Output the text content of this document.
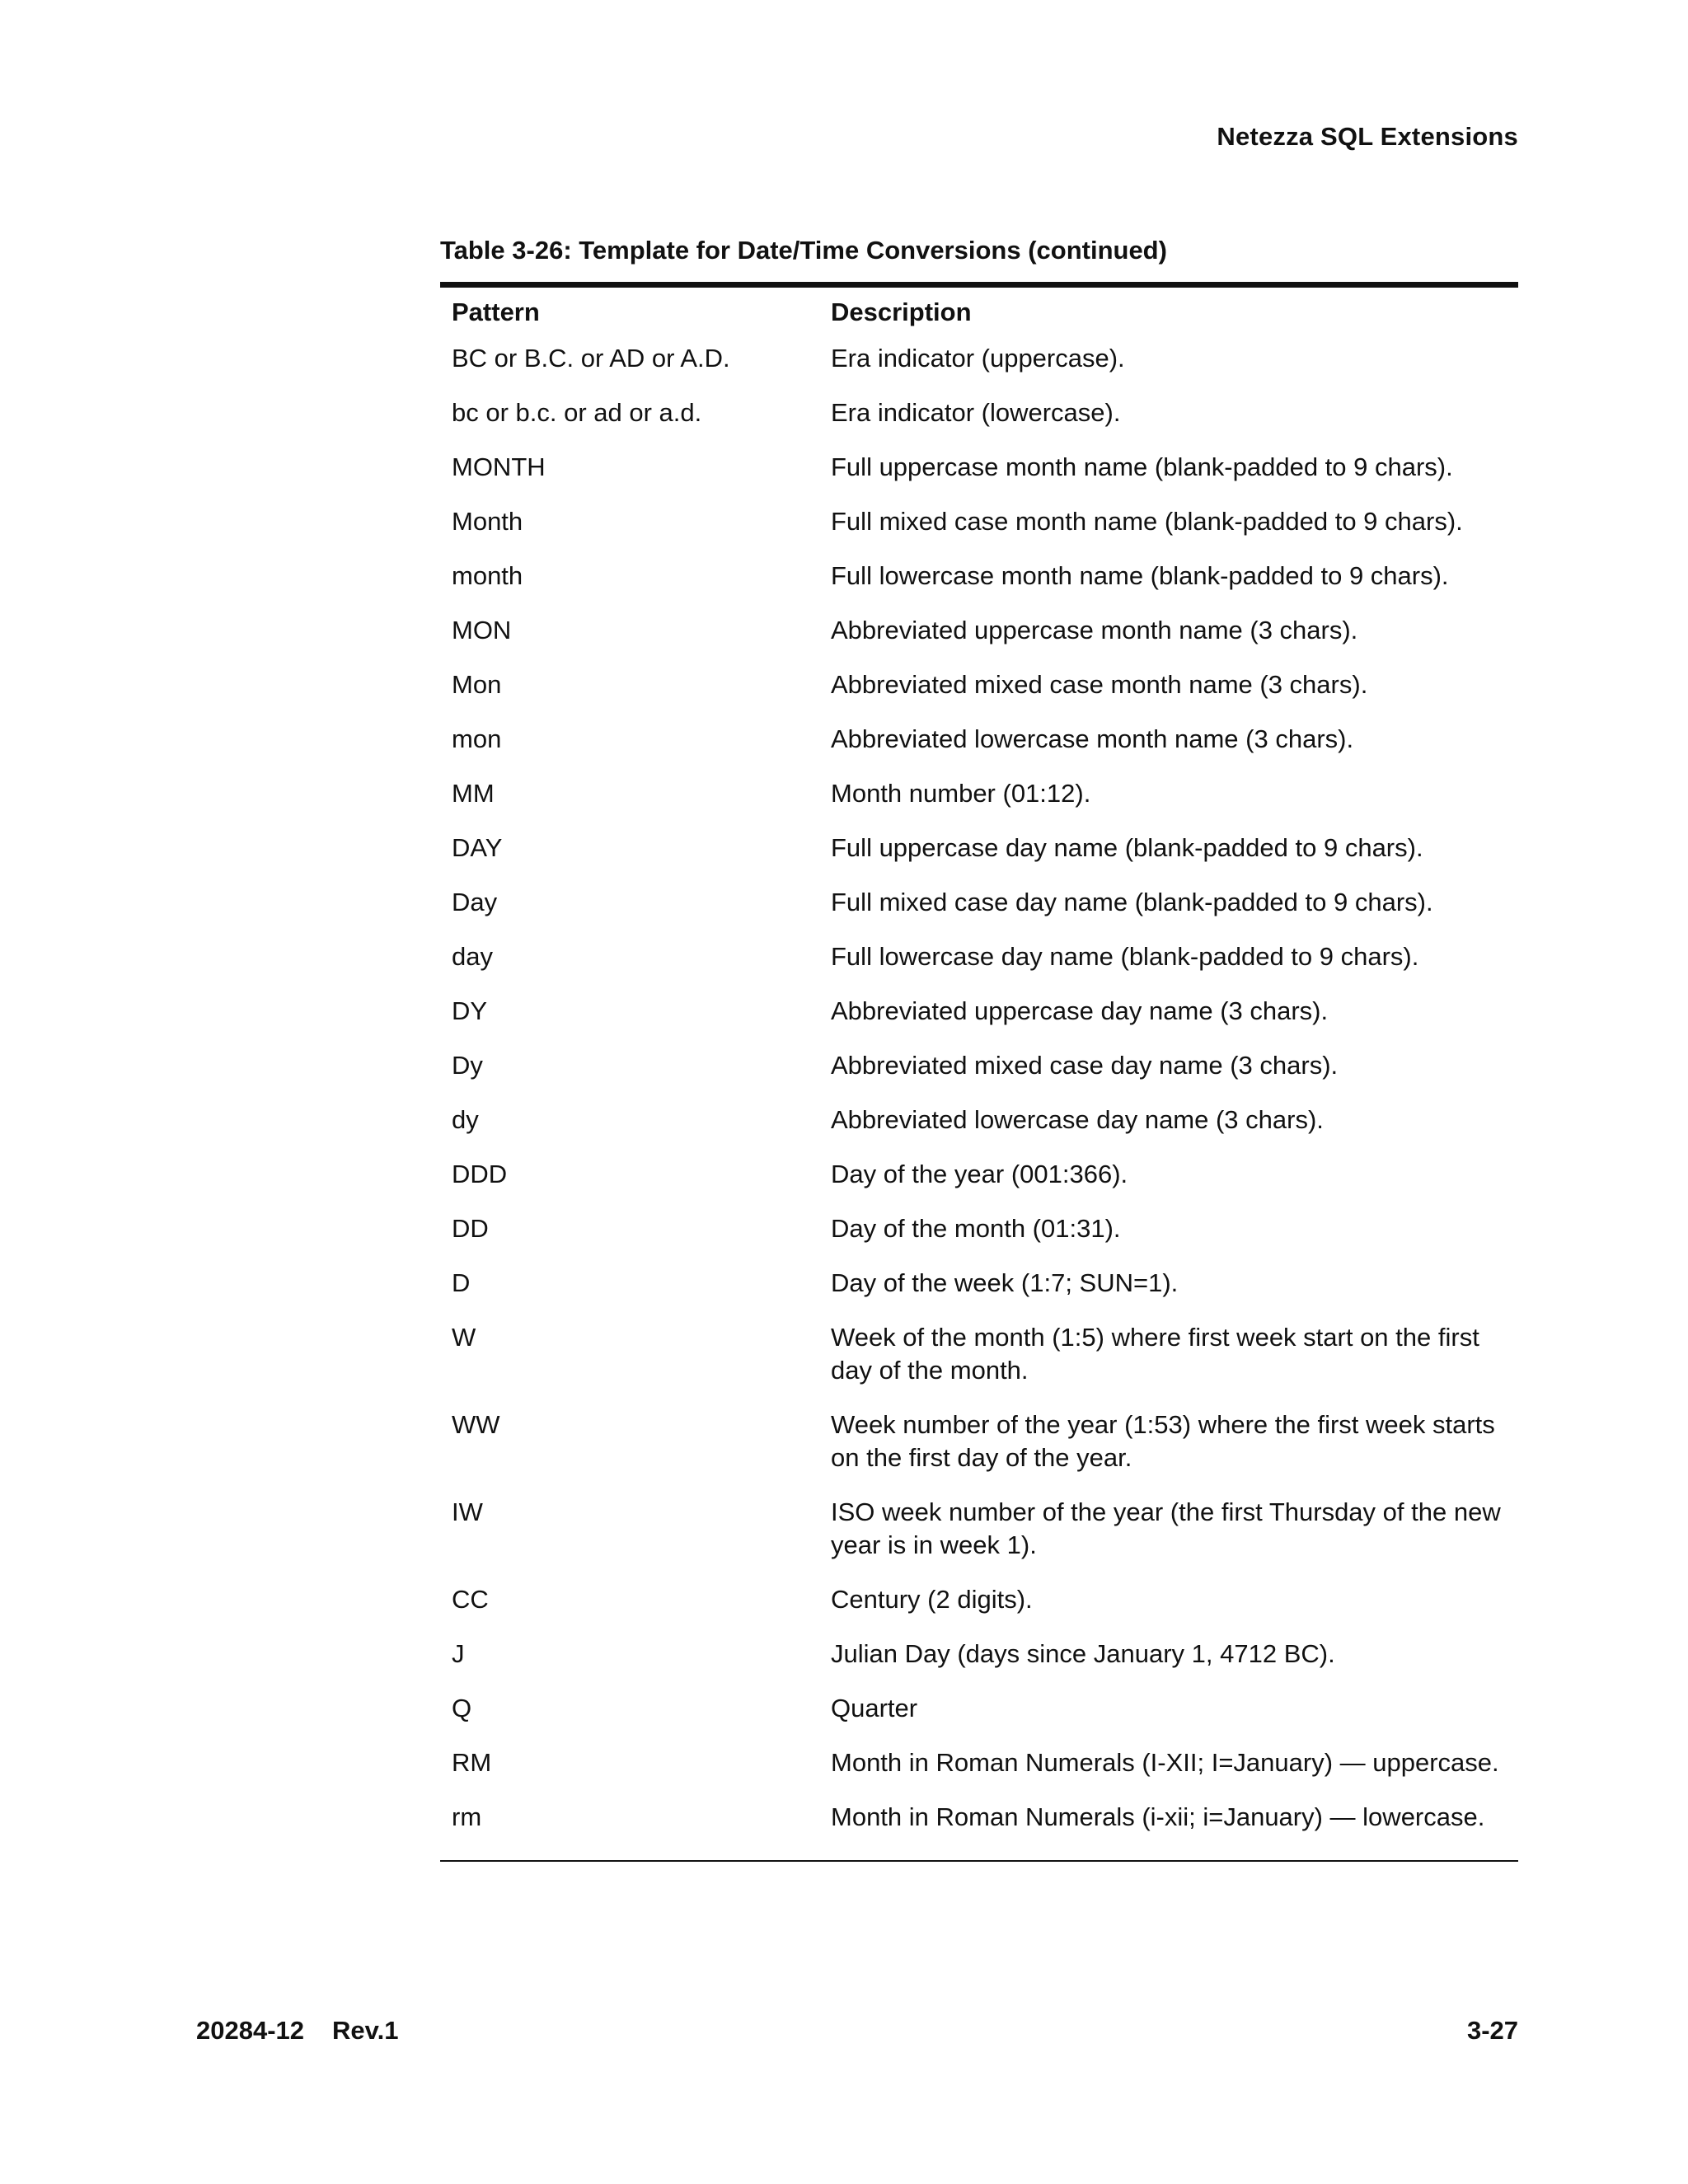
Netezza SQL Extensions
Table 3-26: Template for Date/Time Conversions (continued)
Pattern	Description
BC or B.C. or AD or A.D.	Era indicator (uppercase).
bc or b.c. or ad or a.d.	Era indicator (lowercase).
MONTH	Full uppercase month name (blank-padded to 9 chars).
Month	Full mixed case month name (blank-padded to 9 chars).
month	Full lowercase month name (blank-padded to 9 chars).
MON	Abbreviated uppercase month name (3 chars).
Mon	Abbreviated mixed case month name (3 chars).
mon	Abbreviated lowercase month name (3 chars).
MM	Month number (01:12).
DAY	Full uppercase day name (blank-padded to 9 chars).
Day	Full mixed case day name (blank-padded to 9 chars).
day	Full lowercase day name (blank-padded to 9 chars).
DY	Abbreviated uppercase day name (3 chars).
Dy	Abbreviated mixed case day name (3 chars).
dy	Abbreviated lowercase day name (3 chars).
DDD	Day of the year (001:366).
DD	Day of the month (01:31).
D	Day of the week (1:7; SUN=1).
W	Week of the month (1:5) where first week start on the first day of the month.
WW	Week number of the year (1:53) where the first week starts on the first day of the year.
IW	ISO week number of the year (the first Thursday of the new year is in week 1).
CC	Century (2 digits).
J	Julian Day (days since January 1, 4712 BC).
Q	Quarter
RM	Month in Roman Numerals (I-XII; I=January) — uppercase.
rm	Month in Roman Numerals (i-xii; i=January) — lowercase.
20284-12 Rev.1	3-27
